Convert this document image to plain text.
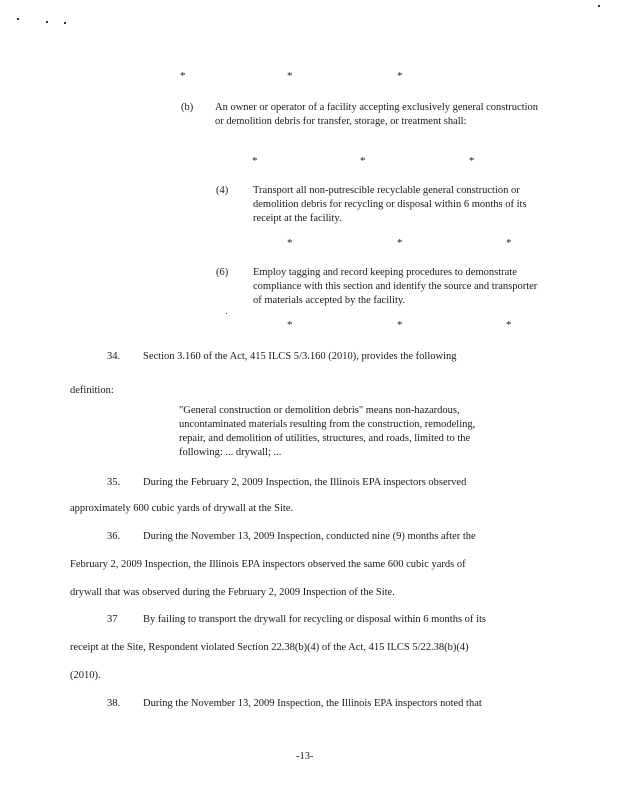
*	*	*
(b) An owner or operator of a facility accepting exclusively general construction or demolition debris for transfer, storage, or treatment shall:
*	*	*
(4) Transport all non-putrescible recyclable general construction or demolition debris for recycling or disposal within 6 months of its receipt at the facility.
*	*	*
(6) Employ tagging and record keeping procedures to demonstrate compliance with this section and identify the source and transporter of materials accepted by the facility.
*	*	*
34. Section 3.160 of the Act, 415 ILCS 5/3.160 (2010), provides the following
definition:
"General construction or demolition debris" means non-hazardous,
uncontaminated materials resulting from the construction, remodeling,
repair, and demolition of utilities, structures, and roads, limited to the
following: ... drywall; ...
35. During the February 2, 2009 Inspection, the Illinois EPA inspectors observed
approximately 600 cubic yards of drywall at the Site.
36. During the November 13, 2009 Inspection, conducted nine (9) months after the
February 2, 2009 Inspection, the Illinois EPA inspectors observed the same 600 cubic yards of
drywall that was observed during the February 2, 2009 Inspection of the Site.
37 By failing to transport the drywall for recycling or disposal within 6 months of its
receipt at the Site, Respondent violated Section 22.38(b)(4) of the Act, 415 ILCS 5/22.38(b)(4)
(2010).
38. During the November 13, 2009 Inspection, the Illinois EPA inspectors noted that
-13-
